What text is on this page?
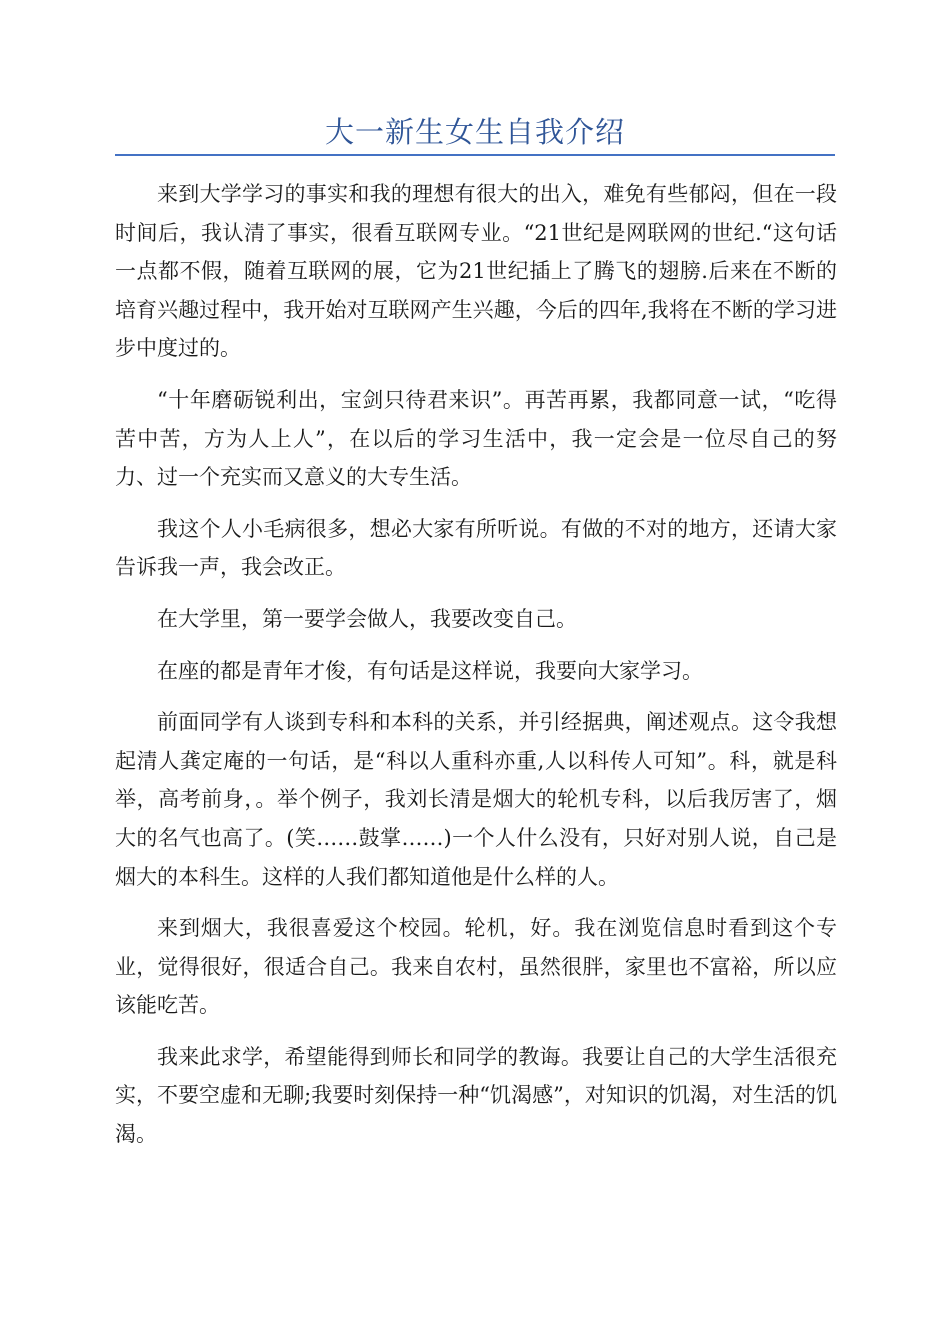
大一新生女生自我介绍

来到大学学习的事实和我的理想有很大的出入，难免有些郁闷，但在一段时间后，我认清了事实，很看互联网专业。“21世纪是网联网的世纪.“这句话一点都不假，随着互联网的展，它为21世纪插上了腾飞的翅膀.后来在不断的培育兴趣过程中，我开始对互联网产生兴趣，今后的四年,我将在不断的学习进步中度过的。

“十年磨砺锐利出，宝剑只待君来识”。再苦再累，我都同意一试，“吃得苦中苦，方为人上人”，在以后的学习生活中，我一定会是一位尽自己的努力、过一个充实而又意义的大专生活。

我这个人小毛病很多，想必大家有所听说。有做的不对的地方，还请大家告诉我一声，我会改正。

在大学里，第一要学会做人，我要改变自己。

在座的都是青年才俊，有句话是这样说，我要向大家学习。

前面同学有人谈到专科和本科的关系，并引经据典，阐述观点。这令我想起清人龚定庵的一句话，是“科以人重科亦重,人以科传人可知”。科，就是科举，高考前身，。举个例子，我刘长清是烟大的轮机专科，以后我厉害了，烟大的名气也高了。(笑……鼓掌……)一个人什么没有，只好对别人说，自己是烟大的本科生。这样的人我们都知道他是什么样的人。

来到烟大，我很喜爱这个校园。轮机，好。我在浏览信息时看到这个专业，觉得很好，很适合自己。我来自农村，虽然很胖，家里也不富裕，所以应该能吃苦。

我来此求学，希望能得到师长和同学的教诲。我要让自己的大学生活很充实，不要空虚和无聊;我要时刻保持一种“饥渴感”，对知识的饥渴，对生活的饥渴。
